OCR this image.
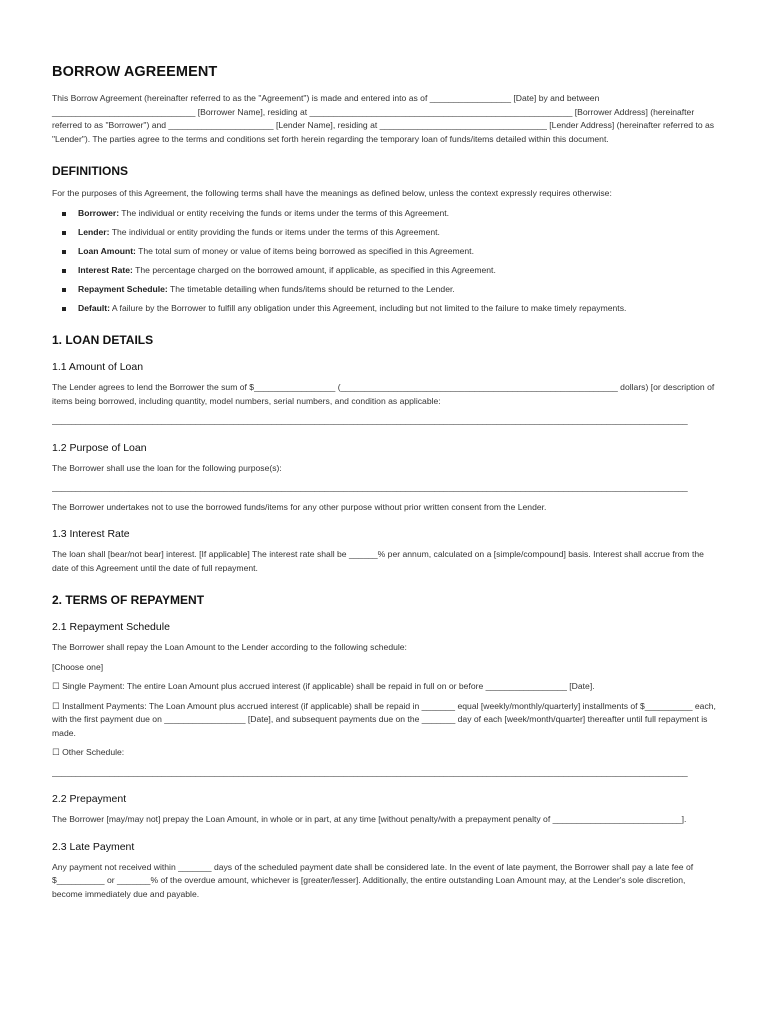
BORROW AGREEMENT

This Borrow Agreement (hereinafter referred to as the "Agreement") is made and entered into as of _________________ [Date] by and between ______________________________ [Borrower Name], residing at _______________________________________________________ [Borrower Address] (hereinafter referred to as "Borrower") and ______________________ [Lender Name], residing at ___________________________________ [Lender Address] (hereinafter referred to as "Lender"). The parties agree to the terms and conditions set forth herein regarding the temporary loan of funds/items detailed within this document.

DEFINITIONS

For the purposes of this Agreement, the following terms shall have the meanings as defined below, unless the context expressly requires otherwise:

Borrower: The individual or entity receiving the funds or items under the terms of this Agreement.
Lender: The individual or entity providing the funds or items under the terms of this Agreement.
Loan Amount: The total sum of money or value of items being borrowed as specified in this Agreement.
Interest Rate: The percentage charged on the borrowed amount, if applicable, as specified in this Agreement.
Repayment Schedule: The timetable detailing when funds/items should be returned to the Lender.
Default: A failure by the Borrower to fulfill any obligation under this Agreement, including but not limited to the failure to make timely repayments.
1. LOAN DETAILS
1.1 Amount of Loan

The Lender agrees to lend the Borrower the sum of $_________________ (__________________________________________________________ dollars) [or description of items being borrowed, including quantity, model numbers, serial numbers, and condition as applicable:

_____________________________________________________________________________________________________________________________________
1.2 Purpose of Loan

The Borrower shall use the loan for the following purpose(s):

_____________________________________________________________________________________________________________________________________

The Borrower undertakes not to use the borrowed funds/items for any other purpose without prior written consent from the Lender.

1.3 Interest Rate

The loan shall [bear/not bear] interest. [If applicable] The interest rate shall be ______% per annum, calculated on a [simple/compound] basis. Interest shall accrue from the date of this Agreement until the date of full repayment.

2. TERMS OF REPAYMENT
2.1 Repayment Schedule

The Borrower shall repay the Loan Amount to the Lender according to the following schedule:

[Choose one]

☐ Single Payment: The entire Loan Amount plus accrued interest (if applicable) shall be repaid in full on or before _________________ [Date].

☐ Installment Payments: The Loan Amount plus accrued interest (if applicable) shall be repaid in _______ equal [weekly/monthly/quarterly] installments of $__________ each, with the first payment due on _________________ [Date], and subsequent payments due on the _______ day of each [week/month/quarter] thereafter until full repayment is made.

☐ Other Schedule:

_____________________________________________________________________________________________________________________________________
2.2 Prepayment

The Borrower [may/may not] prepay the Loan Amount, in whole or in part, at any time [without penalty/with a prepayment penalty of ___________________________].

2.3 Late Payment

Any payment not received within _______ days of the scheduled payment date shall be considered late. In the event of late payment, the Borrower shall pay a late fee of $__________ or _______% of the overdue amount, whichever is [greater/lesser]. Additionally, the entire outstanding Loan Amount may, at the Lender's sole discretion, become immediately due and payable.
